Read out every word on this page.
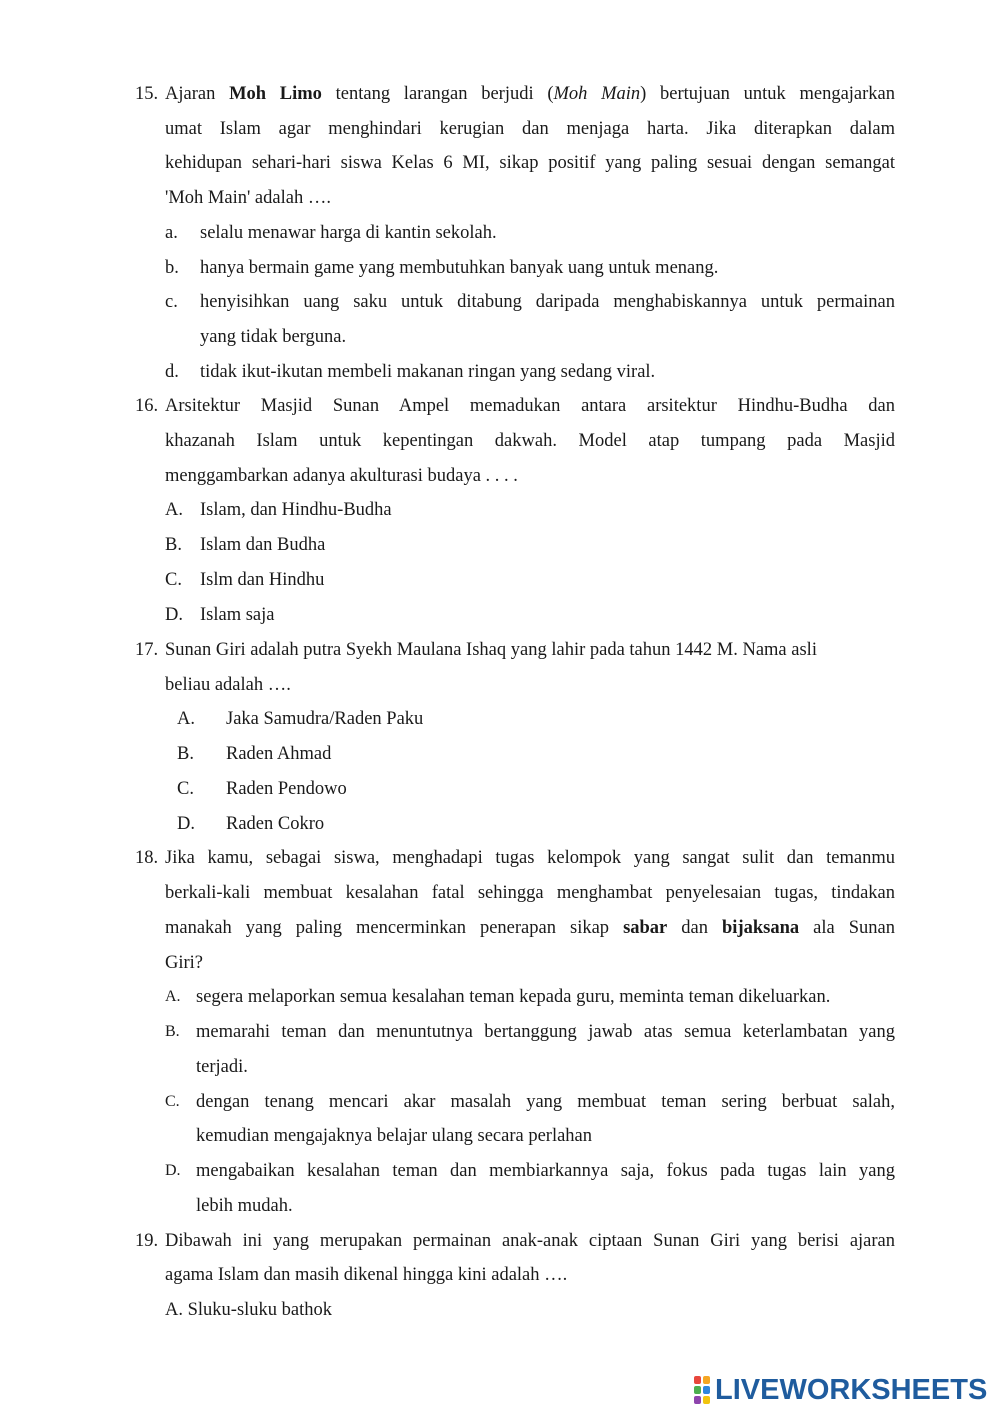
15. Ajaran Moh Limo tentang larangan berjudi (Moh Main) bertujuan untuk mengajarkan
umat Islam agar menghindari kerugian dan menjaga harta. Jika diterapkan dalam
kehidupan sehari-hari siswa Kelas 6 MI, sikap positif yang paling sesuai dengan semangat
'Moh Main' adalah ….
a. selalu menawar harga di kantin sekolah.
b. hanya bermain game yang membutuhkan banyak uang untuk menang.
c. henyisihkan uang saku untuk ditabung daripada menghabiskannya untuk permainan
yang tidak berguna.
d. tidak ikut-ikutan membeli makanan ringan yang sedang viral.
16. Arsitektur Masjid Sunan Ampel memadukan antara arsitektur Hindhu-Budha dan
khazanah Islam untuk kepentingan dakwah. Model atap tumpang pada Masjid
menggambarkan adanya akulturasi budaya . . . .
A. Islam, dan Hindhu-Budha
B. Islam dan Budha
C. Islm dan Hindhu
D. Islam saja
17. Sunan Giri adalah putra Syekh Maulana Ishaq yang lahir pada tahun 1442 M. Nama asli
beliau adalah ….
A. Jaka Samudra/Raden Paku
B. Raden Ahmad
C. Raden Pendowo
D. Raden Cokro
18. Jika kamu, sebagai siswa, menghadapi tugas kelompok yang sangat sulit dan temanmu
berkali-kali membuat kesalahan fatal sehingga menghambat penyelesaian tugas, tindakan
manakah yang paling mencerminkan penerapan sikap sabar dan bijaksana ala Sunan
Giri?
A. segera melaporkan semua kesalahan teman kepada guru, meminta teman dikeluarkan.
B. memarahi teman dan menuntutnya bertanggung jawab atas semua keterlambatan yang
terjadi.
C. dengan tenang mencari akar masalah yang membuat teman sering berbuat salah,
kemudian mengajaknya belajar ulang secara perlahan
D. mengabaikan kesalahan teman dan membiarkannya saja, fokus pada tugas lain yang
lebih mudah.
19. Dibawah ini yang merupakan permainan anak-anak ciptaan Sunan Giri yang berisi ajaran
agama Islam dan masih dikenal hingga kini adalah ….
A. Sluku-sluku bathok
LIVEWORKSHEETS
